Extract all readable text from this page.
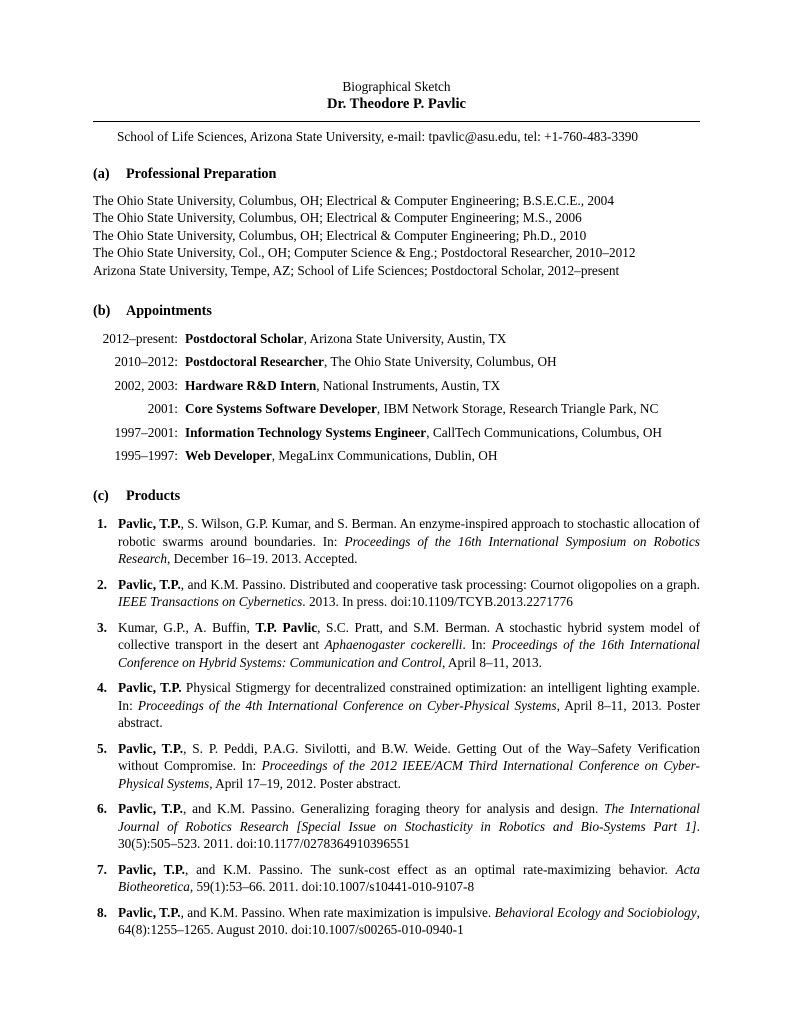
Biographical Sketch
Dr. Theodore P. Pavlic
School of Life Sciences, Arizona State University, e-mail: tpavlic@asu.edu, tel: +1-760-483-3390
(a) Professional Preparation
The Ohio State University, Columbus, OH; Electrical & Computer Engineering; B.S.E.C.E., 2004
The Ohio State University, Columbus, OH; Electrical & Computer Engineering; M.S., 2006
The Ohio State University, Columbus, OH; Electrical & Computer Engineering; Ph.D., 2010
The Ohio State University, Col., OH; Computer Science & Eng.; Postdoctoral Researcher, 2010–2012
Arizona State University, Tempe, AZ; School of Life Sciences; Postdoctoral Scholar, 2012–present
(b) Appointments
2012–present: Postdoctoral Scholar, Arizona State University, Austin, TX
2010–2012: Postdoctoral Researcher, The Ohio State University, Columbus, OH
2002, 2003: Hardware R&D Intern, National Instruments, Austin, TX
2001: Core Systems Software Developer, IBM Network Storage, Research Triangle Park, NC
1997–2001: Information Technology Systems Engineer, CallTech Communications, Columbus, OH
1995–1997: Web Developer, MegaLinx Communications, Dublin, OH
(c) Products
1. Pavlic, T.P., S. Wilson, G.P. Kumar, and S. Berman. An enzyme-inspired approach to stochastic allocation of robotic swarms around boundaries. In: Proceedings of the 16th International Symposium on Robotics Research, December 16–19. 2013. Accepted.
2. Pavlic, T.P., and K.M. Passino. Distributed and cooperative task processing: Cournot oligopolies on a graph. IEEE Transactions on Cybernetics. 2013. In press. doi:10.1109/TCYB.2013.2271776
3. Kumar, G.P., A. Buffin, T.P. Pavlic, S.C. Pratt, and S.M. Berman. A stochastic hybrid system model of collective transport in the desert ant Aphaenogaster cockerelli. In: Proceedings of the 16th International Conference on Hybrid Systems: Communication and Control, April 8–11, 2013.
4. Pavlic, T.P. Physical Stigmergy for decentralized constrained optimization: an intelligent lighting example. In: Proceedings of the 4th International Conference on Cyber-Physical Systems, April 8–11, 2013. Poster abstract.
5. Pavlic, T.P., S. P. Peddi, P.A.G. Sivilotti, and B.W. Weide. Getting Out of the Way–Safety Verification without Compromise. In: Proceedings of the 2012 IEEE/ACM Third International Conference on Cyber-Physical Systems, April 17–19, 2012. Poster abstract.
6. Pavlic, T.P., and K.M. Passino. Generalizing foraging theory for analysis and design. The International Journal of Robotics Research [Special Issue on Stochasticity in Robotics and Bio-Systems Part 1]. 30(5):505–523. 2011. doi:10.1177/0278364910396551
7. Pavlic, T.P., and K.M. Passino. The sunk-cost effect as an optimal rate-maximizing behavior. Acta Biotheoretica, 59(1):53–66. 2011. doi:10.1007/s10441-010-9107-8
8. Pavlic, T.P., and K.M. Passino. When rate maximization is impulsive. Behavioral Ecology and Sociobiology, 64(8):1255–1265. August 2010. doi:10.1007/s00265-010-0940-1
